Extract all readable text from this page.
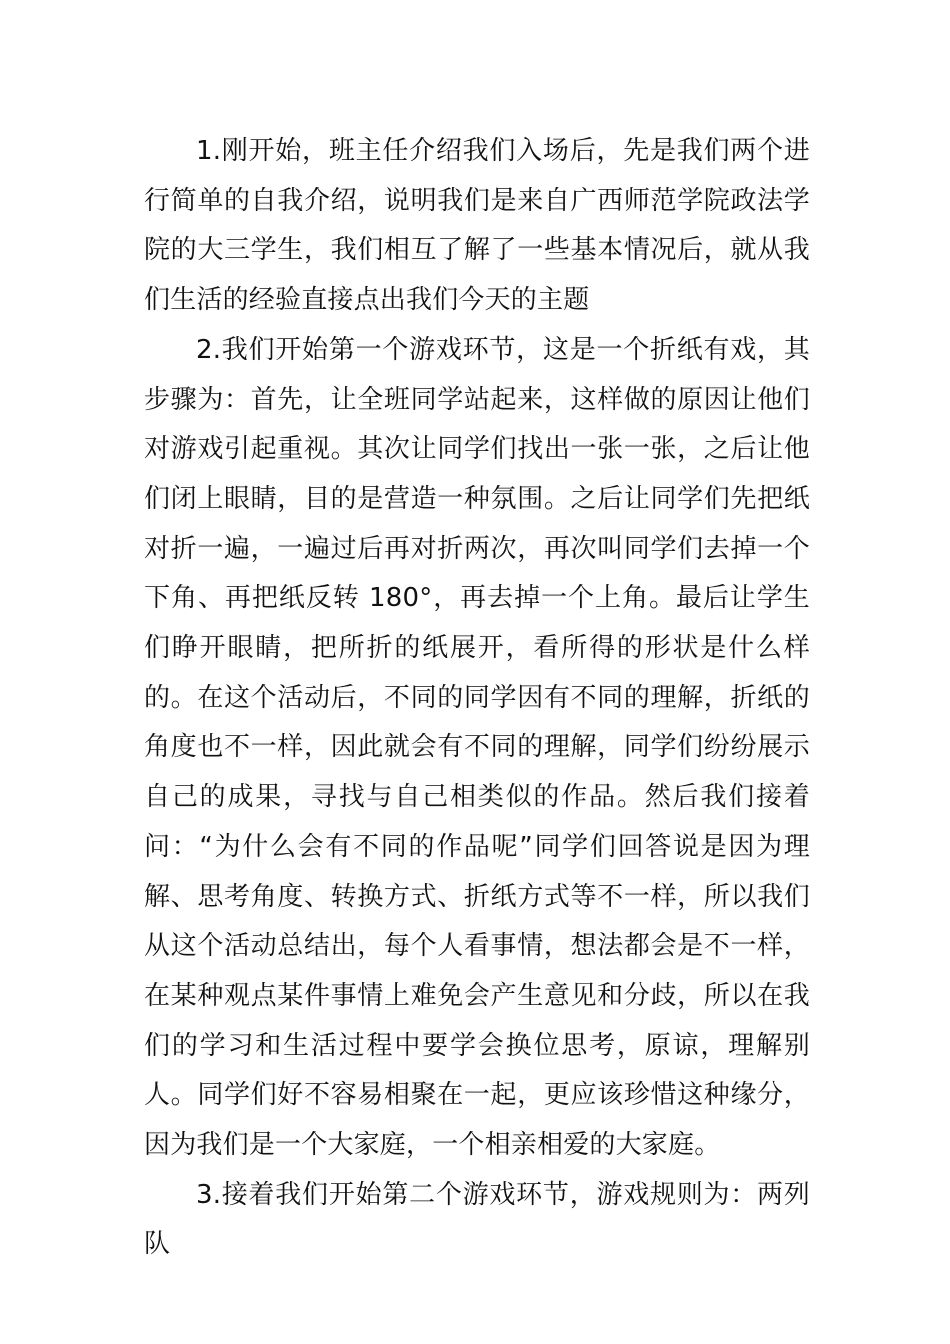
1.刚开始，班主任介绍我们入场后，先是我们两个进行简单的自我介绍，说明我们是来自广西师范学院政法学院的大三学生，我们相互了解了一些基本情况后，就从我们生活的经验直接点出我们今天的主题

2.我们开始第一个游戏环节，这是一个折纸有戏，其步骤为：首先，让全班同学站起来，这样做的原因让他们对游戏引起重视。其次让同学们找出一张一张，之后让他们闭上眼睛，目的是营造一种氛围。之后让同学们先把纸对折一遍，一遍过后再对折两次，再次叫同学们去掉一个下角、再把纸反转 180°，再去掉一个上角。最后让学生们睁开眼睛，把所折的纸展开，看所得的形状是什么样的。在这个活动后，不同的同学因有不同的理解，折纸的角度也不一样，因此就会有不同的理解，同学们纷纷展示自己的成果，寻找与自己相类似的作品。然后我们接着问：“为什么会有不同的作品呢”同学们回答说是因为理解、思考角度、转换方式、折纸方式等不一样，所以我们从这个活动总结出，每个人看事情，想法都会是不一样，在某种观点某件事情上难免会产生意见和分歧，所以在我们的学习和生活过程中要学会换位思考，原谅，理解别人。同学们好不容易相聚在一起，更应该珍惜这种缘分，因为我们是一个大家庭，一个相亲相爱的大家庭。

3.接着我们开始第二个游戏环节，游戏规则为：两列队
